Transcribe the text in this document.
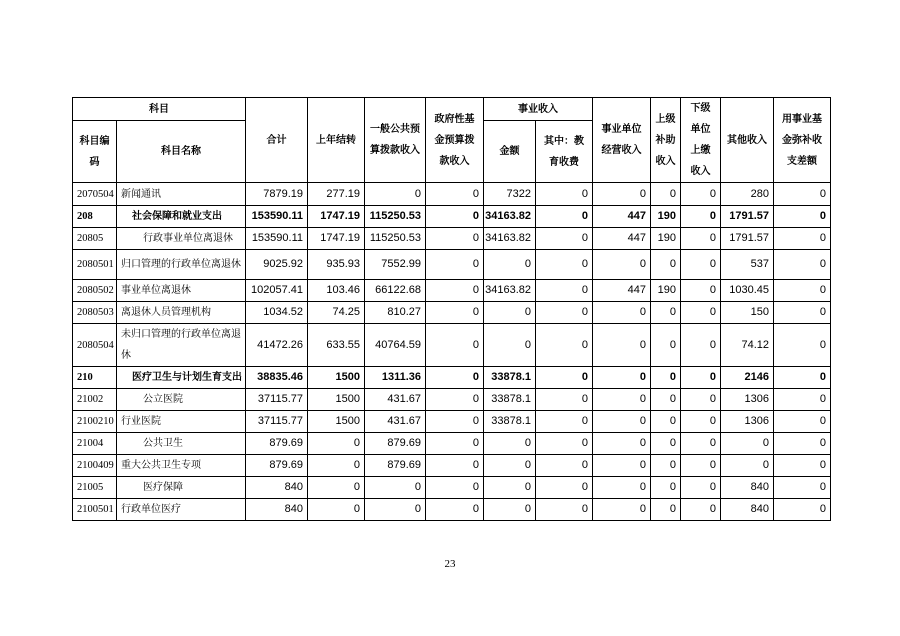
科目		合计	上年结转	一般公共预算拨款收入	政府性基金预算拨款收入	事业收入		事业单位经营收入	上级补助收入	下级单位上缴收入	其他收入	用事业基金弥补收支差额
科目编码	科目名称					金额	其中：教育收费					
2070504	新闻通讯	7879.19	277.19	0	0	7322	0	0	0	0	280	0
208	社会保障和就业支出	153590.11	1747.19	115250.53	0	34163.82	0	447	190	0	1791.57	0
20805	行政事业单位离退休	153590.11	1747.19	115250.53	0	34163.82	0	447	190	0	1791.57	0
2080501	归口管理的行政单位离退休	9025.92	935.93	7552.99	0	0	0	0	0	0	537	0
2080502	事业单位离退休	102057.41	103.46	66122.68	0	34163.82	0	447	190	0	1030.45	0
2080503	离退休人员管理机构	1034.52	74.25	810.27	0	0	0	0	0	0	150	0
2080504	未归口管理的行政单位离退休	41472.26	633.55	40764.59	0	0	0	0	0	0	74.12	0
210	医疗卫生与计划生育支出	38835.46	1500	1311.36	0	33878.1	0	0	0	0	2146	0
21002	公立医院	37115.77	1500	431.67	0	33878.1	0	0	0	0	1306	0
2100210	行业医院	37115.77	1500	431.67	0	33878.1	0	0	0	0	1306	0
21004	公共卫生	879.69	0	879.69	0	0	0	0	0	0	0	0
2100409	重大公共卫生专项	879.69	0	879.69	0	0	0	0	0	0	0	0
21005	医疗保障	840	0	0	0	0	0	0	0	0	840	0
2100501	行政单位医疗	840	0	0	0	0	0	0	0	0	840	0
23
